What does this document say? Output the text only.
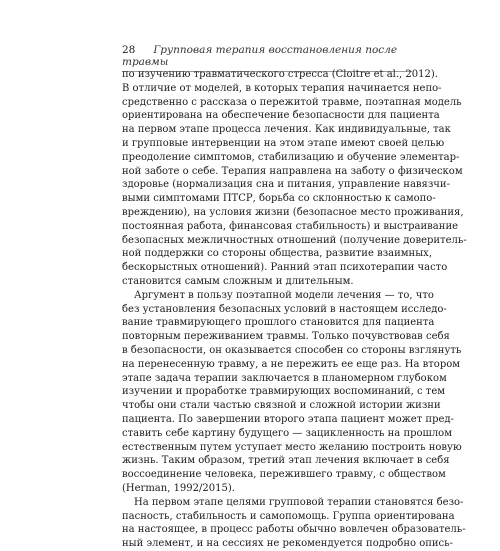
28 Групповая терапия восстановления после травмы
по изучению травматического стресса (Cloitre et al., 2012).
В отличие от моделей, в которых терапия начинается непо-
средственно с рассказа о пережитой травме, поэтапная модель
ориентирована на обеспечение безопасности для пациента
на первом этапе процесса лечения. Как индивидуальные, так
и групповые интервенции на этом этапе имеют своей целью
преодоление симптомов, стабилизацию и обучение элементар-
ной заботе о себе. Терапия направлена на заботу о физическом
здоровье (нормализация сна и питания, управление навязчи-
выми симптомами ПТСР, борьба со склонностью к самопо-
вреждению), на условия жизни (безопасное место проживания,
постоянная работа, финансовая стабильность) и выстраивание
безопасных межличностных отношений (получение доверитель-
ной поддержки со стороны общества, развитие взаимных,
бескорыстных отношений). Ранний этап психотерапии часто
становится самым сложным и длительным.
Аргумент в пользу поэтапной модели лечения — то, что
без установления безопасных условий в настоящем исследо-
вание травмирующего прошлого становится для пациента
повторным переживанием травмы. Только почувствовав себя
в безопасности, он оказывается способен со стороны взглянуть
на перенесенную травму, а не пережить ее еще раз. На втором
этапе задача терапии заключается в планомерном глубоком
изучении и проработке травмирующих воспоминаний, с тем
чтобы они стали частью связной и сложной истории жизни
пациента. По завершении второго этапа пациент может пред-
ставить себе картину будущего — зацикленность на прошлом
естественным путем уступает место желанию построить новую
жизнь. Таким образом, третий этап лечения включает в себя
воссоединение человека, пережившего травму, с обществом
(Herman, 1992/2015).
На первом этапе целями групповой терапии становятся безо-
пасность, стабильность и самопомощь. Группа ориентирована
на настоящее, в процесс работы обычно вовлечен образователь-
ный элемент, и на сессиях не рекомендуется подробно опись-
